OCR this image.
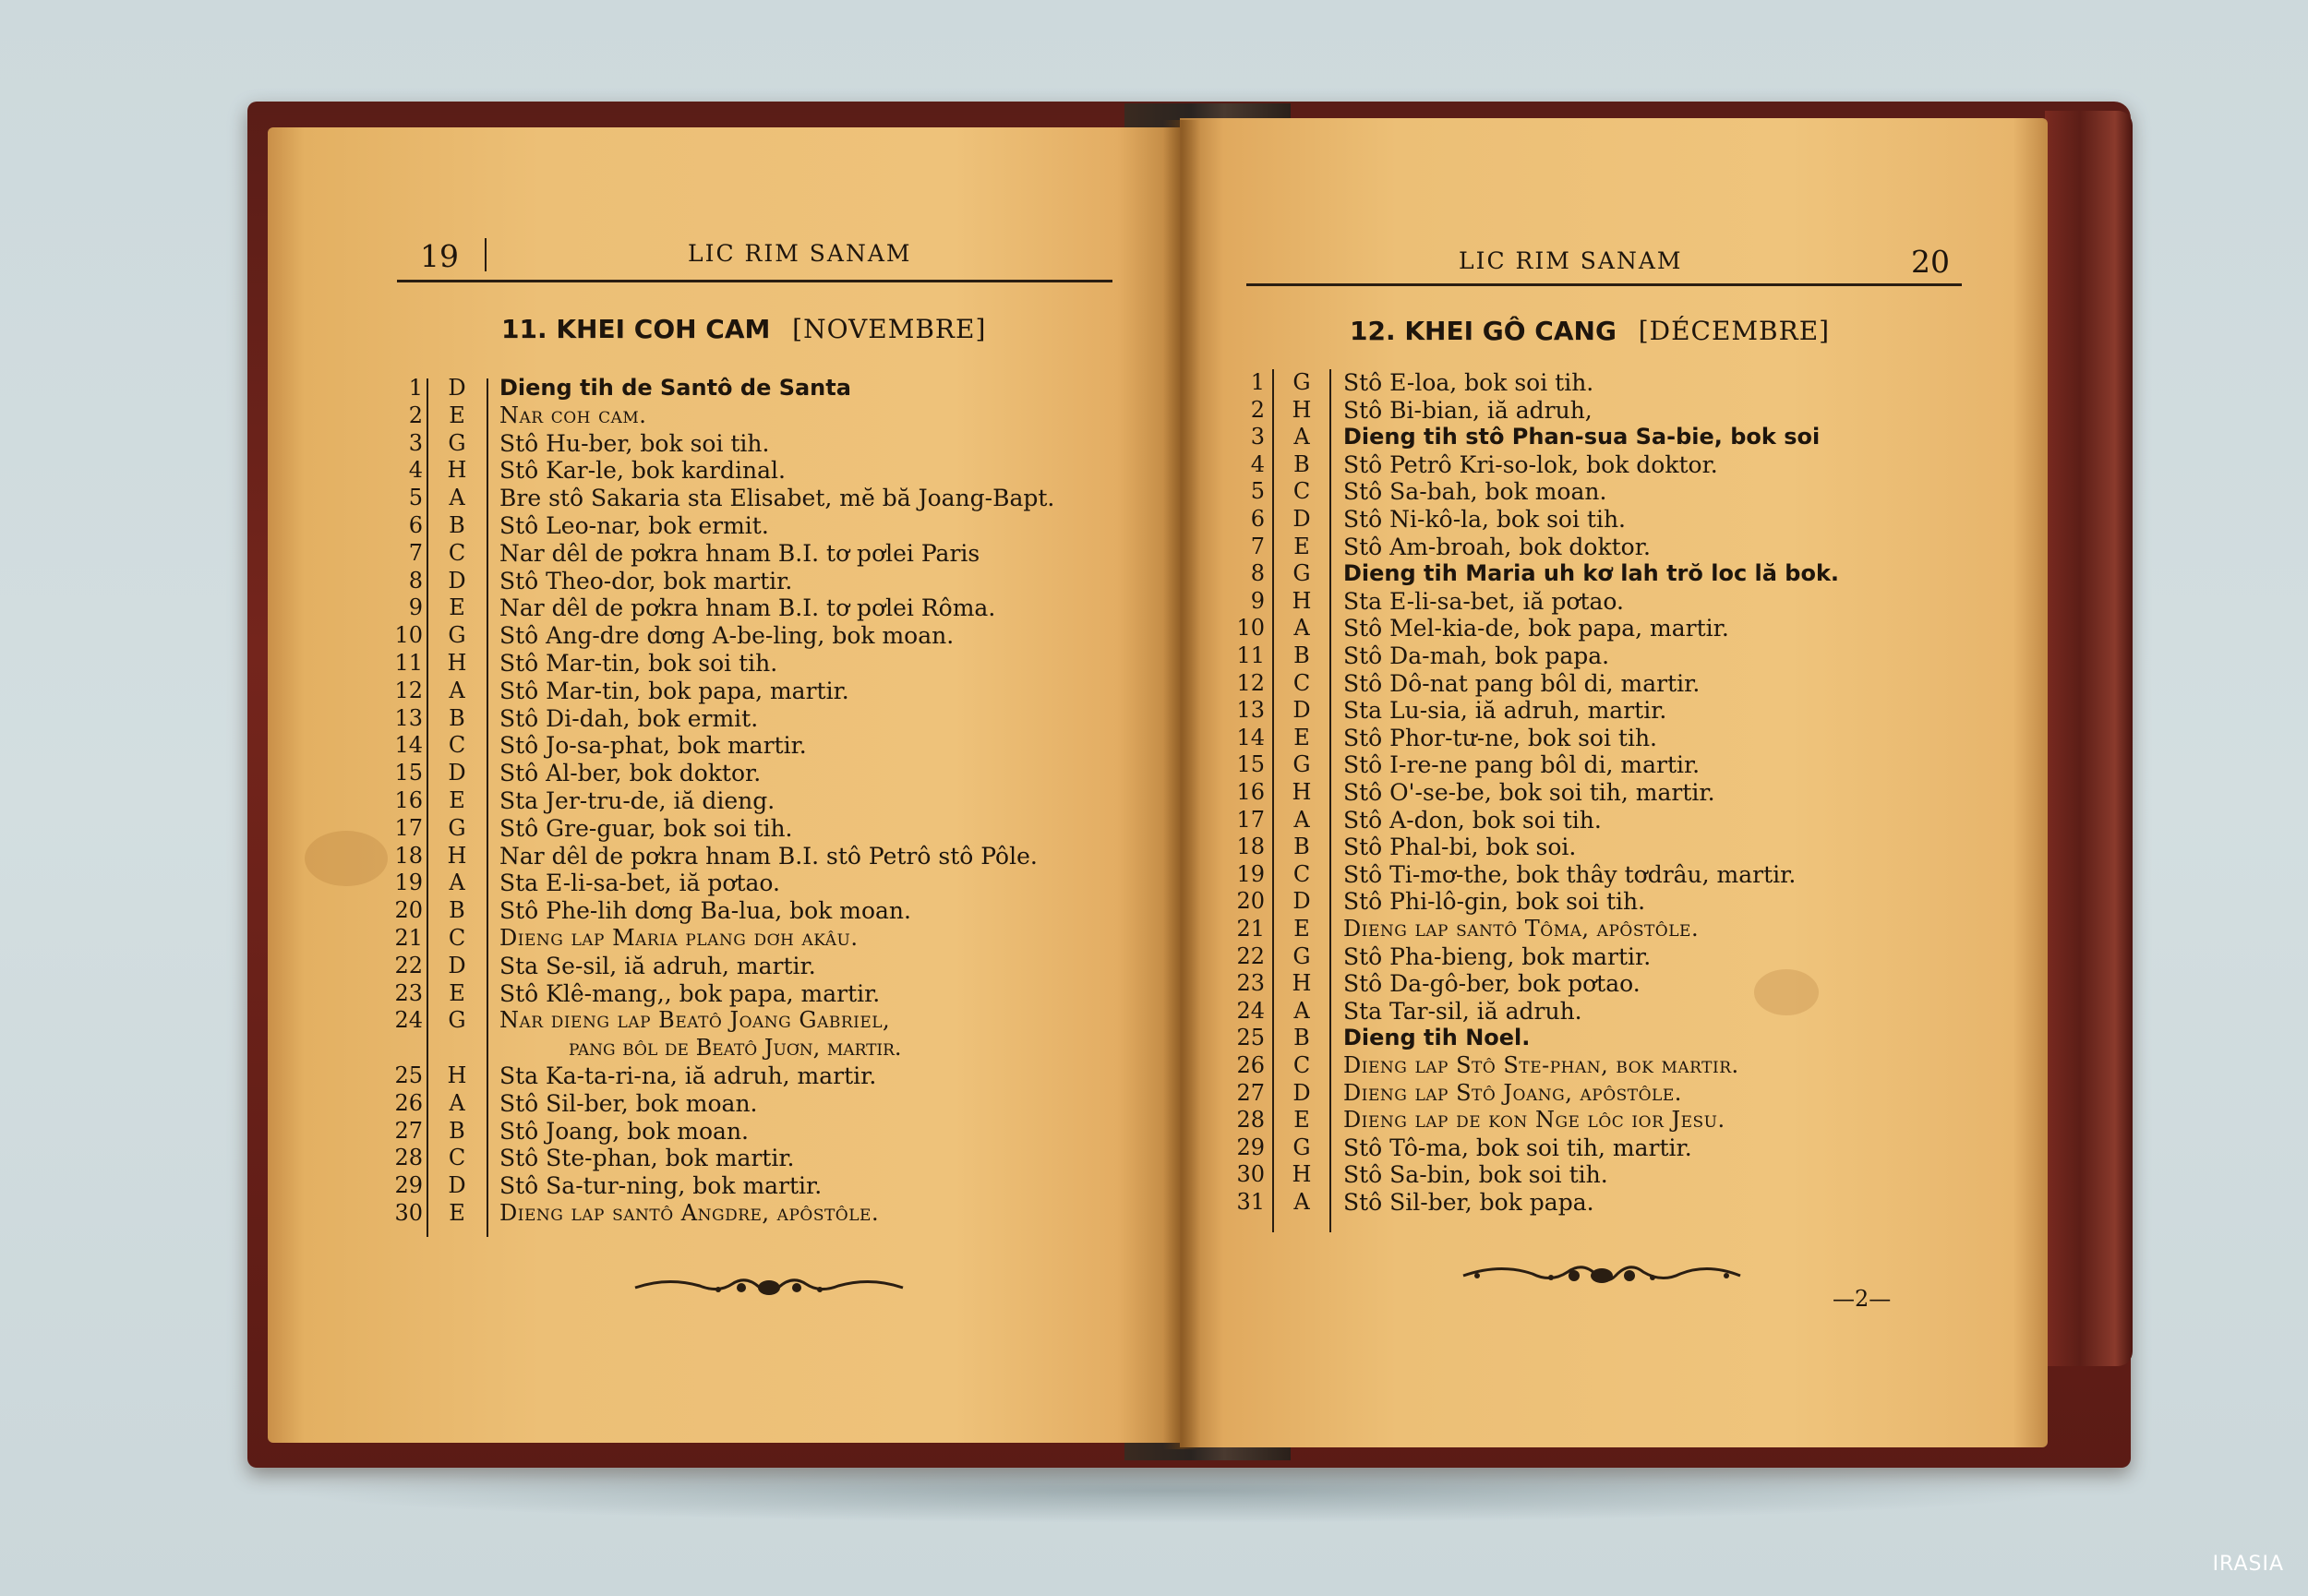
19	LIC RIM SANAM
11. KHEI COH CAM [NOVEMBRE]
1	D	Dieng tih de Santô de Santa
2	E	Nar coh cam.
3	G Stô Hu-ber, bok soi tih.
4 H Stô Kar-le, bok kardinal.
5	A	Bre stô Sakaria sta Elisabet, mĕ bă Joang-Bapt.
6	B	Stô Leo-nar, bok ermit.
7	C	Nar dêl de pơkra hnam B.I. tơ pơlei Paris
8	D Stô Theo-dor, bok martir.
9	E	Nar dêl de pơkra hnam B.I. tơ pơlei Rôma.
10	G Stô Ang-dre dơng A-be-ling, bok moan.
11 H Stô Mar-tin, bok soi tih.
12	A	Stô Mar-tin, bok papa, martir.
13	B	Stô Di-dah, bok ermit.
14	C	Stô Jo-sa-phat, bok martir.
15	D Stô Al-ber, bok doktor.
16	E	Sta Jer-tru-de, iă dieng.
17	G Stô Gre-guar, bok soi tih.
18 H Nar dêl de pơkra hnam B.I. stô Petrô stô Pôle.
19	A	Sta E-li-sa-bet, iă pơtao.
20	B	Stô Phe-lih dơng Ba-lua, bok moan.
21	C	Dieng lap Maria plang dơh akâu.
22	D Sta Se-sil, iă adruh, martir.
23	E	Stô Klê-mang,, bok papa, martir.
24	G	Nar dieng lap Beatô Joang Gabriel,
pang bôl de Beatô Juơn, martir.
25 H Sta Ka-ta-ri-na, iă adruh, martir.
26	A	Stô Sil-ber, bok moan.
27	B	Stô Joang, bok moan.
28	C	Stô Ste-phan, bok martir.
29	D Stô Sa-tur-ning, bok martir.
30	E	Dieng lap santô Angdre, apôstôle.
LIC RIM SANAM	20
12. KHEI GÔ CANG [DÉCEMBRE]
1	G Stô E-loa, bok soi tih.
2 H Stô Bi-bian, iă adruh,
3	A	Dieng tih stô Phan-sua Sa-bie, bok soi
4	B	Stô Petrô Kri-so-lok, bok doktor.
5	C	Stô Sa-bah, bok moan.
6	D Stô Ni-kô-la, bok soi tih.
7	E	Stô Am-broah, bok doktor.
8	G	Dieng tih Maria uh kơ lah trŏ loc lă bok.
9 H Sta E-li-sa-bet, iă pơtao.
10	A	Stô Mel-kia-de, bok papa, martir.
11	B	Stô Da-mah, bok papa.
12	C	Stô Dô-nat pang bôl di, martir.
13	D Sta Lu-sia, iă adruh, martir.
14	E	Stô Phor-tư-ne, bok soi tih.
15	G Stô I-re-ne pang bôl di, martir.
16 H Stô O'-se-be, bok soi tih, martir.
17	A	Stô A-don, bok soi tih.
18	B	Stô Phal-bi, bok soi.
19	C	Stô Ti-mơ-the, bok thây tơdrâu, martir.
20	D Stô Phi-lô-gin, bok soi tih.
21	E	Dieng lap santô Tôma, apôstôle.
22	G Stô Pha-bieng, bok martir.
23 H Stô Da-gô-ber, bok pơtao.
24	A	Sta Tar-sil, iă adruh.
25	B	Dieng tih Noel.
26	C	Dieng lap Stô Ste-phan, bok martir.
27	D	Dieng lap Stô Joang, apôstôle.
28	E	Dieng lap de kon Nge lôc ior Jesu.
29	G Stô Tô-ma, bok soi tih, martir.
30 H Stô Sa-bin, bok soi tih.
31	A	Stô Sil-ber, bok papa.
—2—
IRASIA
